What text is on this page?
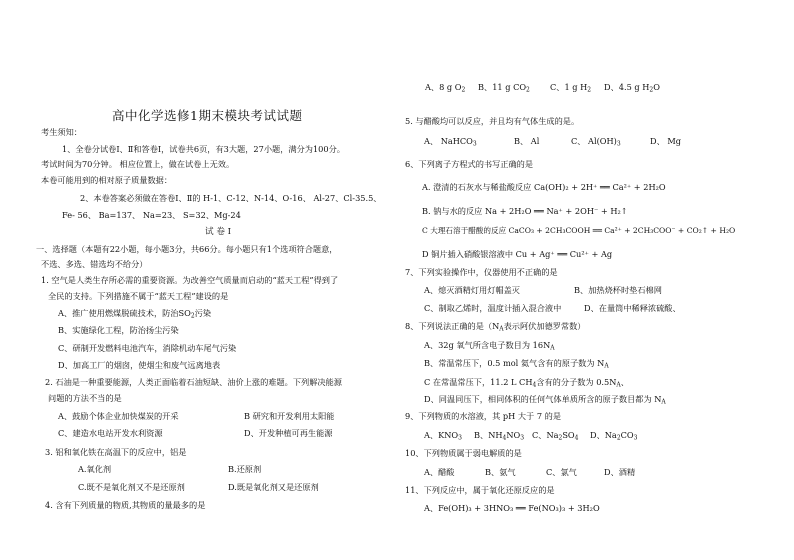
高中化学选修1期末模块考试试题
考生须知：
1、全卷分试卷Ⅰ、Ⅱ和答卷Ⅰ，试卷共6页，有3大题，27小题，满分为100分。
考试时间为70分钟。 相应位置上，做在试卷上无效。
本卷可能用到的相对原子质量数据：
2、本卷答案必须做在答卷Ⅰ、Ⅱ的 H-1、C-12、N-14、O-16、 Al-27、Cl-35.5、
Fe- 56、 Ba=137、 Na=23、 S=32、Mg-24
试 卷 Ⅰ
一、选择题（本题有22小题，每小题3分，共66分。每小题只有1个选项符合题意，
不选、多选、错选均不给分）
1. 空气是人类生存所必需的重要资源。为改善空气质量而启动的“蓝天工程”得到了
全民的支持。下列措施不属于“蓝天工程”建设的是
A、推广使用燃煤脱硫技术，防治$SO_2$污染
B、实施绿化工程，防治扬尘污染
C、研制开发燃料电池汽车，消除机动车尾气污染
D、加高工厂的烟囱，使烟尘和废气远离地表
2. 石油是一种重要能源，人类正面临着石油短缺、油价上涨的难题。下列解决能源
问题的方法不当的是
A、鼓励个体企业加快煤炭的开采	B 研究和开发利用太阳能
C、建造水电站开发水利资源	D、开发种植可再生能源
3. 铝和氧化铁在高温下的反应中，铝是
A.氧化剂	B.还原剂
C.既不是氧化剂又不是还原剂	D.既是氧化剂又是还原剂
4. 含有下列质量的物质,其物质的量最多的是
A、8 g $O_2$ B、11 g $CO_2$ C、1 g $H_2$ D、4.5 g $H_2O$
5. 与醋酸均可以反应，并且均有气体生成的是。
A、 NaHCO$_3$	B、 Al	C、 $Al(OH)_3$	D、 Mg
6、下列离子方程式的书写正确的是
A. 澄清的石灰水与稀盐酸反应 Ca(OH)₂ + 2H⁺ ══ Ca²⁺ + 2H₂O
B. 钠与水的反应 Na + 2H₂O ══ Na⁺ + 2OH⁻ + H₂↑
C 大理石溶于醋酸的反应 CaCO₃ + 2CH₃COOH ══ Ca²⁺ + 2CH₃COO⁻ + CO₂↑ + H₂O
D 铜片插入硝酸银溶液中 Cu + Ag⁺ ══ Cu²⁺ + Ag
7、下列实验操作中，仪器使用不正确的是
A、熄灭酒精灯用灯帽盖灭	B、加热烧杯时垫石棉网
C、制取乙烯时，温度计插入混合液中	D、在量筒中稀释浓硫酸、
8、下列说法正确的是（$N_A$表示阿伏加德罗常数）
A、32g 氧气所含电子数目为 $16N_A$
B、常温常压下，0.5 mol 氦气含有的原子数为 $N_A$
C 在常温常压下，11.2 L $CH_4$含有的分子数为 $0.5N_A$、
D、同温同压下，相同体积的任何气体单质所含的原子数目都为 $N_A$
9、下列物质的水溶液，其 pH 大于 7 的是
A、$KNO_3$ B、$NH_4NO_3$ C、$Na_2SO_4$ D、$Na_2CO_3$
10、下列物质属于弱电解质的是
A、醋酸	B、氨气	C、氯气	D、酒精
11、下列反应中，属于氧化还原反应的是
A、Fe(OH)₃ + 3HNO₃ ══ Fe(NO₃)₃ + 3H₂O
